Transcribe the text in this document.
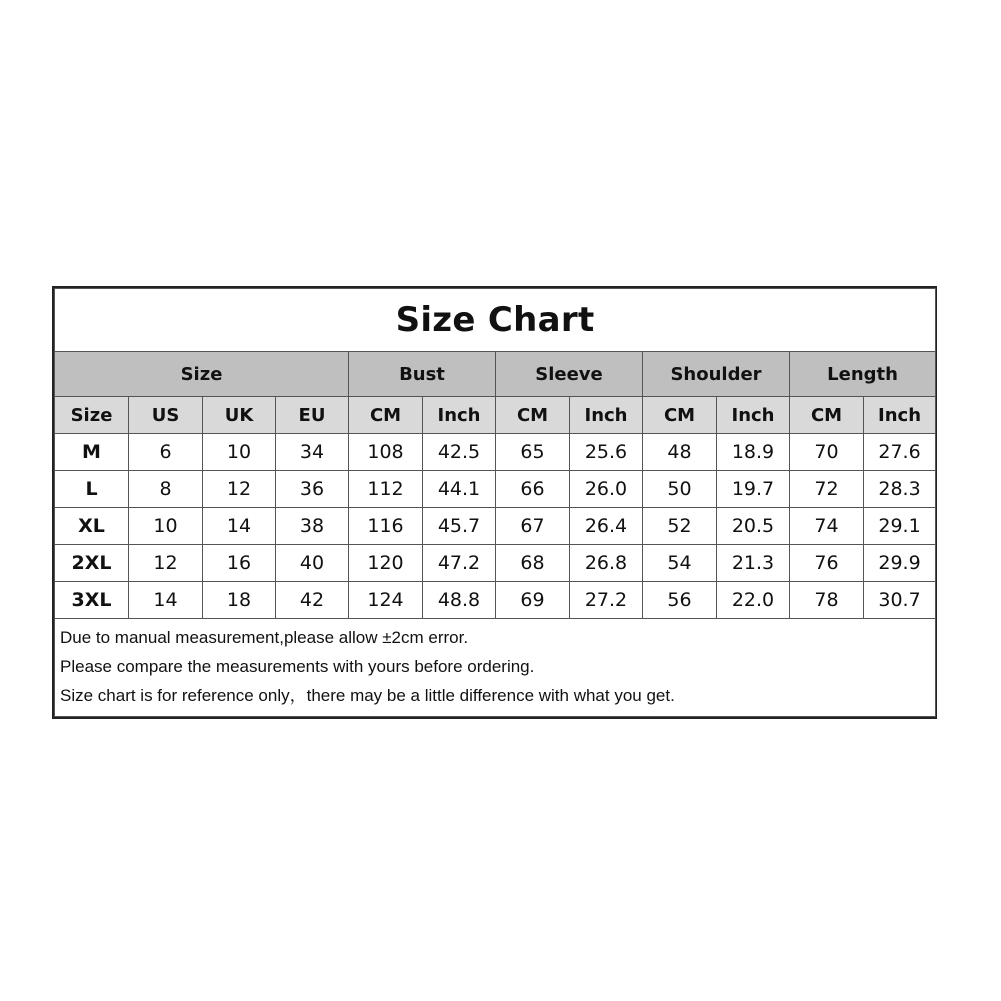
Size Chart											
Size				Bust		Sleeve		Shoulder		Length	
Size	US	UK	EU	CM	Inch	CM	Inch	CM	Inch	CM	Inch
M	6	10	34	108	42.5	65	25.6	48	18.9	70	27.6
L	8	12	36	112	44.1	66	26.0	50	19.7	72	28.3
XL	10	14	38	116	45.7	67	26.4	52	20.5	74	29.1
2XL	12	16	40	120	47.2	68	26.8	54	21.3	76	29.9
3XL	14	18	42	124	48.8	69	27.2	56	22.0	78	30.7

Due to manual measurement,please allow ±2cm error.
Please compare the measurements with yours before ordering.
Size chart is for reference only，there may be a little difference with what you get.											
